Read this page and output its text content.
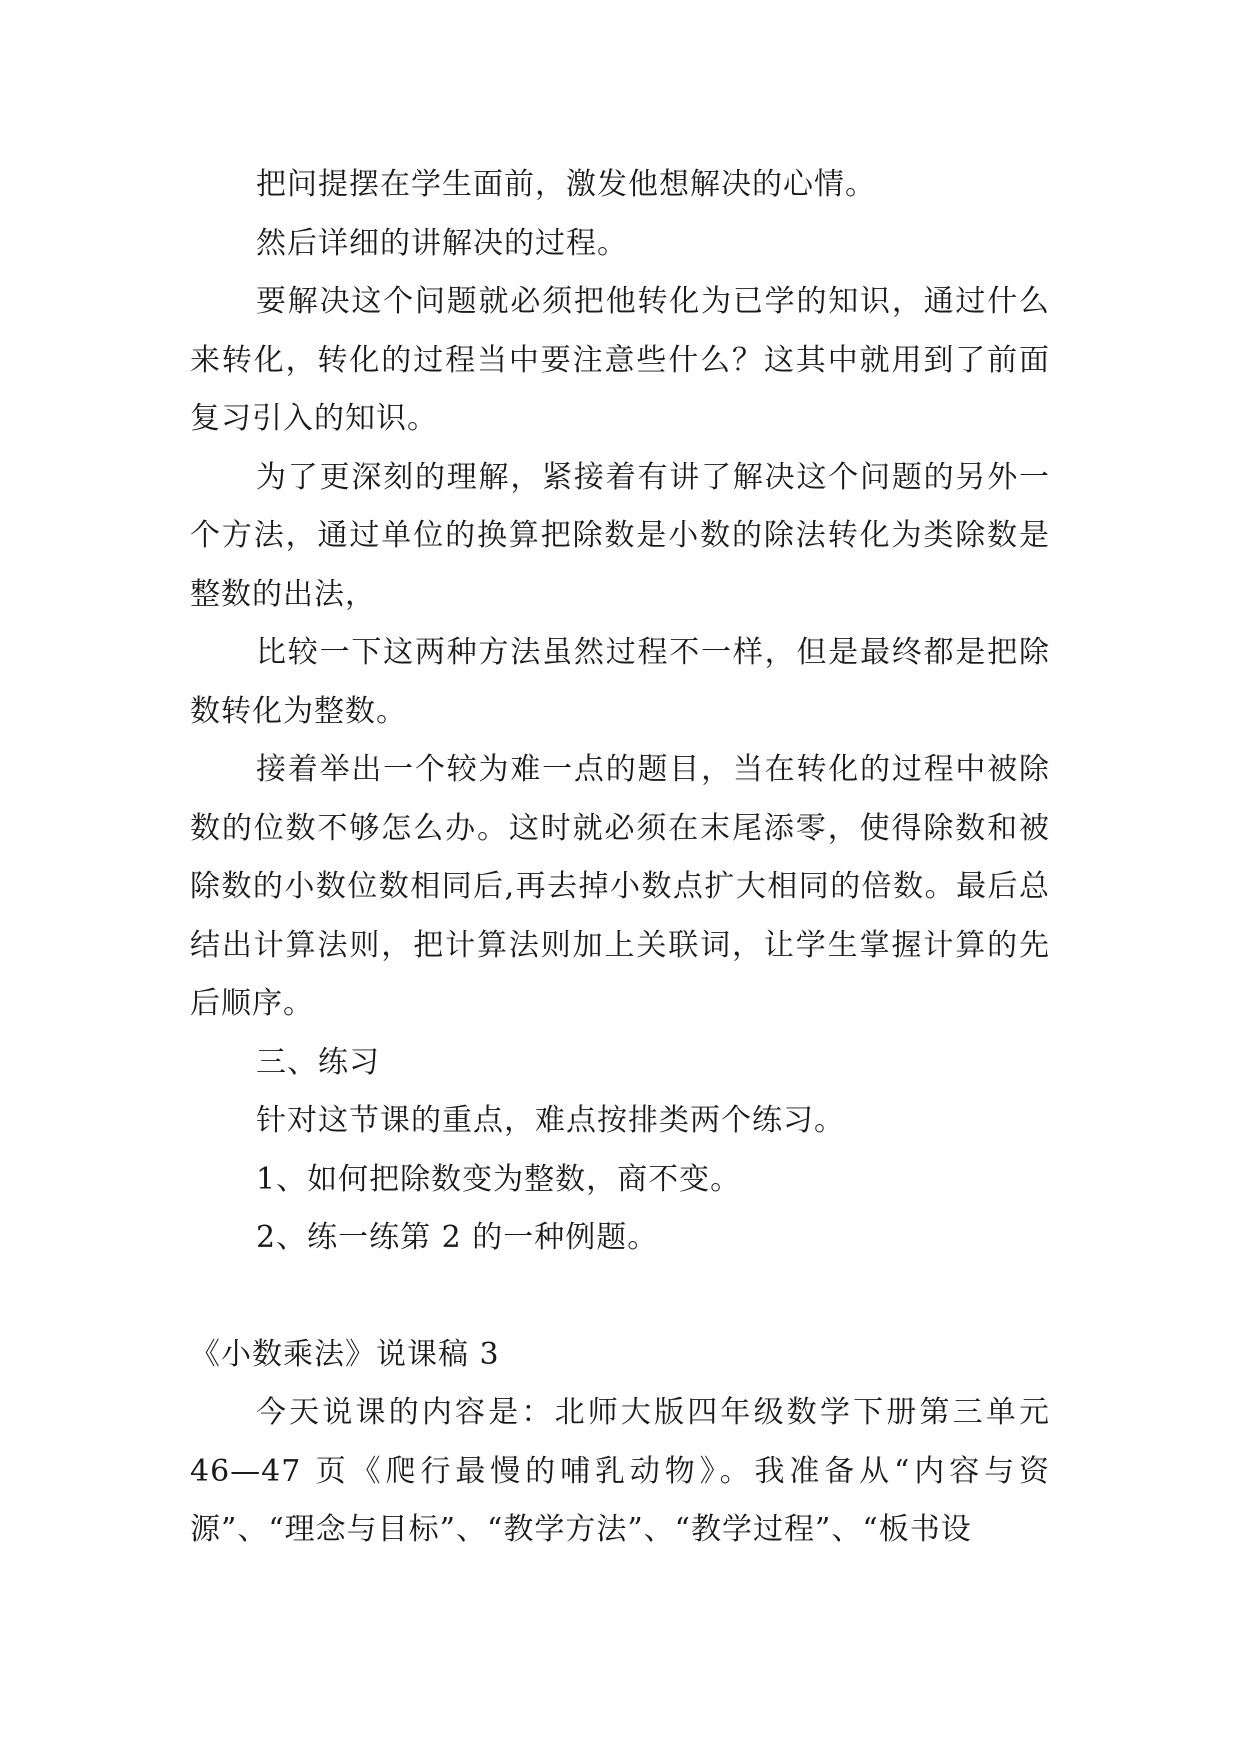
把问提摆在学生面前，激发他想解决的心情。

然后详细的讲解决的过程。

要解决这个问题就必须把他转化为已学的知识，通过什么来转化，转化的过程当中要注意些什么？这其中就用到了前面复习引入的知识。

为了更深刻的理解，紧接着有讲了解决这个问题的另外一个方法，通过单位的换算把除数是小数的除法转化为类除数是整数的出法，

比较一下这两种方法虽然过程不一样，但是最终都是把除数转化为整数。

接着举出一个较为难一点的题目，当在转化的过程中被除数的位数不够怎么办。这时就必须在末尾添零，使得除数和被除数的小数位数相同后,再去掉小数点扩大相同的倍数。最后总结出计算法则，把计算法则加上关联词，让学生掌握计算的先后顺序。

三、练习

针对这节课的重点，难点按排类两个练习。

1、如何把除数变为整数，商不变。

2、练一练第 2 的一种例题。

《小数乘法》说课稿 3

今天说课的内容是：北师大版四年级数学下册第三单元 46—47 页《爬行最慢的哺乳动物》。我准备从“内容与资源”、“理念与目标”、“教学方法”、“教学过程”、“板书设
